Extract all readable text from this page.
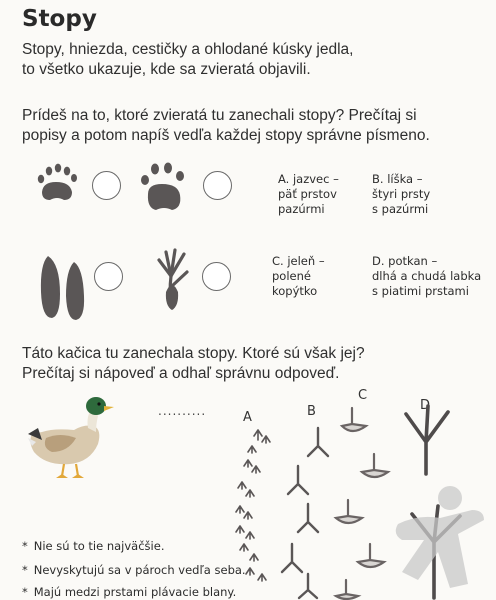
Stopy
Stopy, hniezda, cestičky a ohlodané kúsky jedla,
to všetko ukazuje, kde sa zvieratá objavili.
Prídeš na to, ktoré zvieratá tu zanechali stopy? Prečítaj si
popisy a potom napíš vedľa každej stopy správne písmeno.
A. jazvec –
päť prstov
pazúrmi
B. líška –
štyri prsty
s pazúrmi
C. jeleň –
polené
kopýtko
D. potkan –
dlhá a chudá labka
s piatimi prstami
Táto kačica tu zanechala stopy. Ktoré sú však jej?
Prečítaj si nápoveď a odhaľ správnu odpoveď.
..........	A	B
C
D
* Nie sú to tie najväčšie.
* Nevyskytujú sa v pároch vedľa seba.
* Majú medzi prstami plávacie blany.
